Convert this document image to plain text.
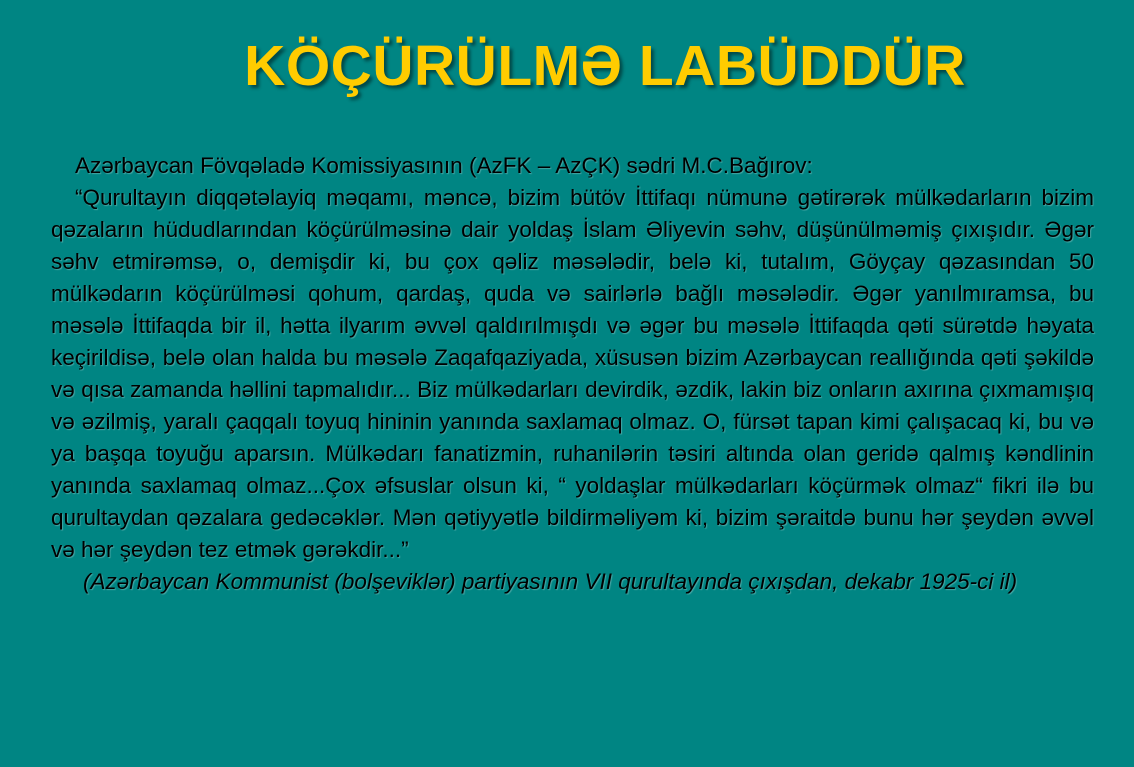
KÖÇÜRÜLMƏ LABÜDDÜR

Azərbaycan Fövqəladə Komissiyasının (AzFK – AzÇK) sədri M.C.Bağırov:

“Qurultayın diqqətəlayiq məqamı, məncə, bizim bütöv İttifaqı nümunə gətirərək mülkədarların bizim qəzaların hüdudlarından köçürülməsinə dair yoldaş İslam Əliyevin səhv, düşünülməmiş çıxışıdır. Əgər səhv etmirəmsə, o, demişdir ki, bu çox qəliz məsələdir, belə ki, tutalım, Göyçay qəzasından 50 mülkədarın köçürülməsi qohum, qardaş, quda və sairlərlə bağlı məsələdir. Əgər yanılmıramsa, bu məsələ İttifaqda bir il, hətta ilyarım əvvəl qaldırılmışdı və əgər bu məsələ İttifaqda qəti sürətdə həyata keçirildisə, belə olan halda bu məsələ Zaqafqaziyada, xüsusən bizim Azərbaycan reallığında qəti şəkildə və qısa zamanda həllini tapmalıdır... Biz mülkədarları devirdik, əzdik, lakin biz onların axırına çıxmamışıq və əzilmiş, yaralı çaqqalı toyuq hininin yanında saxlamaq olmaz. O, fürsət tapan kimi çalışacaq ki, bu və ya başqa toyuğu aparsın. Mülkədarı fanatizmin, ruhanilərin təsiri altında olan geridə qalmış kəndlinin yanında saxlamaq olmaz...Çox əfsuslar olsun ki, “ yoldaşlar mülkədarları köçürmək olmaz“ fikri ilə bu qurultaydan qəzalara gedəcəklər. Mən qətiyyətlə bildirməliyəm ki, bizim şəraitdə bunu hər şeydən əvvəl və hər şeydən tez etmək gərəkdir...”

(Azərbaycan Kommunist (bolşeviklər) partiyasının VII qurultayında çıxışdan, dekabr 1925-ci il)
